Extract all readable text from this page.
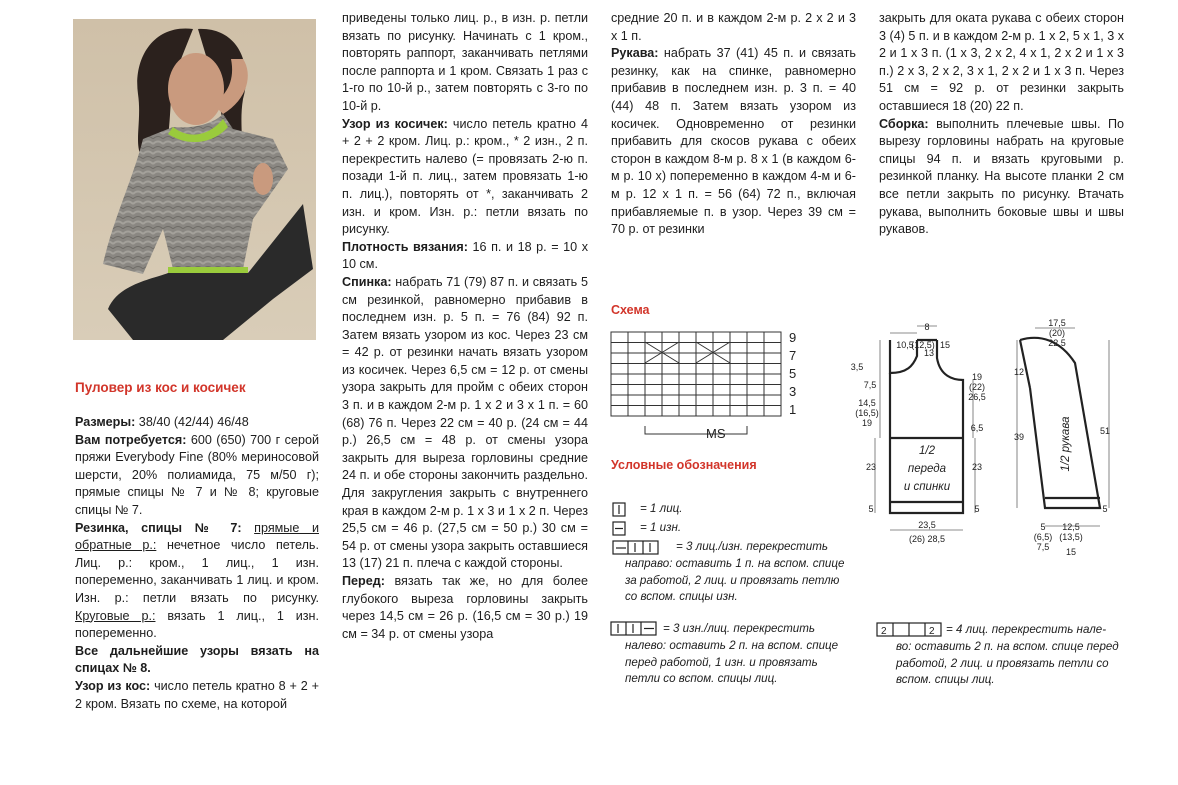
Пуловер из кос и косичек

Размеры: 38/40 (42/44) 46/48

Вам потребуется: 600 (650) 700 г серой пряжи Everybody Fine (80% мериносовой шерсти, 20% полиамида, 75 м/50 г); прямые спицы № 7 и № 8; круговые спицы № 7.

Резинка, спицы № 7: прямые и обратные р.: нечетное число петель. Лиц. р.: кром., 1 лиц., 1 изн. попеременно, заканчивать 1 лиц. и кром. Изн. р.: петли вязать по рисунку. Круговые р.: вязать 1 лиц., 1 изн. попеременно.

Все дальнейшие узоры вязать на спицах № 8.

Узор из кос: число петель кратно 8 + 2 + 2 кром. Вязать по схеме, на которой

приведены только лиц. р., в изн. р. петли вязать по рисунку. Начинать с 1 кром., повторять раппорт, заканчивать петлями после раппорта и 1 кром. Связать 1 раз с 1-го по 10-й р., затем повторять с 3-го по 10-й р.

Узор из косичек: число петель кратно 4 + 2 + 2 кром. Лиц. р.: кром., * 2 изн., 2 п. перекрестить налево (= провязать 2-ю п. позади 1-й п. лиц., затем провязать 1-ю п. лиц.), повторять от *, заканчивать 2 изн. и кром. Изн. р.: петли вязать по рисунку.

Плотность вязания: 16 п. и 18 р. = 10 х 10 см.

Спинка: набрать 71 (79) 87 п. и связать 5 см резинкой, равномерно прибавив в последнем изн. р. 5 п. = 76 (84) 92 п. Затем вязать узором из кос. Через 23 см = 42 р. от резинки начать вязать узором из косичек. Через 6,5 см = 12 р. от смены узора закрыть для пройм с обеих сторон 3 п. и в каждом 2-м р. 1 х 2 и 3 х 1 п. = 60 (68) 76 п. Через 22 см = 40 р. (24 см = 44 р.) 26,5 см = 48 р. от смены узора закрыть для выреза горловины средние 24 п. и обе стороны закончить раздельно. Для закругления закрыть с внутреннего края в каждом 2-м р. 1 х 3 и 1 х 2 п. Через 25,5 см = 46 р. (27,5 см = 50 р.) 30 см = 54 р. от смены узора закрыть оставшиеся 13 (17) 21 п. плеча с каждой стороны.

Перед: вязать так же, но для более глубокого выреза горловины закрыть через 14,5 см = 26 р. (16,5 см = 30 р.) 19 см = 34 р. от смены узора

средние 20 п. и в каждом 2-м р. 2 х 2 и 3 х 1 п.

Рукава: набрать 37 (41) 45 п. и связать резинку, как на спинке, равномерно прибавив в последнем изн. р. 3 п. = 40 (44) 48 п. Затем вязать узором из косичек. Одновременно от резинки прибавить для скосов рукава с обеих сторон в каждом 8-м р. 8 х 1 (в каждом 6-м р. 10 х) попеременно в каждом 4-м и 6-м р. 12 х 1 п. = 56 (64) 72 п., включая прибавляемые п. в узор. Через 39 см = 70 р. от резинки

закрыть для оката рукава с обеих сторон 3 (4) 5 п. и в каждом 2-м р. 1 х 2, 5 х 1, 3 х 2 и 1 х 3 п. (1 х 3, 2 х 2, 4 х 1, 2 х 2 и 1 х 3 п.) 2 х 3, 2 х 2, 3 х 1, 2 х 2 и 1 х 3 п. Через 51 см = 92 р. от резинки закрыть оставшиеся 18 (20) 22 п.

Сборка: выполнить плечевые швы. По вырезу горловины набрать на круговые спицы 94 п. и вязать круговыми р. резинкой планку. На высоте планки 2 см все петли закрыть по рисунку. Втачать рукава, выполнить боковые швы и швы рукавов.

Схема
9
7
5
3
1
MS
Условные обозначения
= 1 лиц.
= 1 изн.
= 3 лиц./изн. перекрестить
направо: оставить 1 п. на вспом. спице за работой, 2 лиц. и провязать петлю со вспом. спицы изн.
= 3 изн./лиц. перекрестить
налево: оставить 2 п. на вспом. спице перед работой, 1 изн. и провязать петли со вспом. спицы лиц.
2	2 = 4 лиц. перекрестить нале-
во: оставить 2 п. на вспом. спице перед работой, 2 лиц. и провязать петли со вспом. спицы лиц.
8
13
10,5
(12,5) 15
3,5
7,5
14,5
(16,5)
19
19
(22)
26,5
6,5
23	23
5	5
23,5
(26) 28,5
17,5
(20)
22,5
12
39
51
5
12,5
(13,5)
15
5
(6,5)
7,5
1/2
переда
и спинки
1/2 рукава
